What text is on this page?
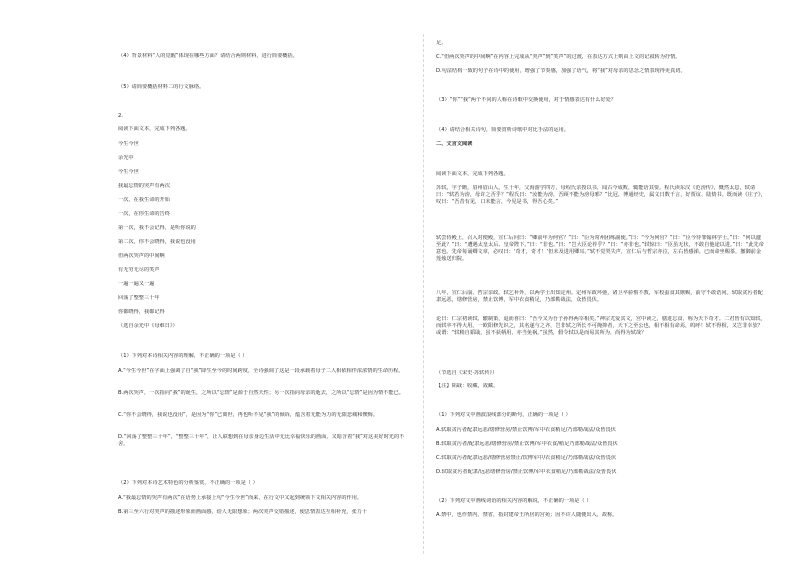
（4）背景材料“人的觉醒”体现在哪些方面？请结合两则材料，进行简要概括。
（5）请简要概括材料二的行文脉络。
2.
阅读下面文本，完成下列各题。
今生今世
余光中
今生今世
我最忘情的哭声有两次
一次，在我生命的开始
一次，在你生命的告终
第一次，我不会记得，是听你说的
第二次，你不会晓得，我说也没用
但两次哭声的中间啊
有无穷无尽的笑声
一遍一遍又一遍
回荡了整整三十年
你都晓得，我都记得
（选自余光中《母难日》）
（1）下列对本诗相关内容的理解，不正确的一项是（ ）
A.“今生今世”在字面上强调了自“我”降生至今的时间跨度，全诗强调了这是一段承载着母子二人相依相伴浓浓情的生命历程。
B.两次哭声，一次指向“我”的诞生，之所以“忘情”是源于自然天性；另一次指向母亲的逝去，之所以“忘情”是因为情不能已。
C.“你不会晓得，我说也没用”，是因为“你”已离世，再也听不见“我”的倾诉，蕴含着无能为力的无限悲痛和懊悔。
D.“回荡了整整三十年”，“整整三十年”，让人联想到在母亲身边生活中无比幸福快乐的画面，又暗含着“我”对这美好时光的不舍。
（2）下列对本诗艺术特色的分析鉴赏，不正确的一项是（ ）
A.“我最忘情的哭声有两次”在语势上承接上句“今生今世”而来，在行文中又起到统领下文相关内容的作用。
B.第三至六行对哭声的描述形象而画面感，给人无限想象；两次哭声交错描述，使思情表达互相补充，张力十
足。
C.“但两次哭声的中间啊”在内容上完成从“哭声”到“笑声”的过渡，在表达方式上则由上文的记叙转为抒情。
D.句法结构一致的句子在诗中的使用，增强了节奏感，加强了语气，将“我”对母亲的思念之情表现得更真切。
（3）“你”“我”两个不同的人称在诗歌中交换使用，对于情感表达有什么好处？
（4）请结合相关诗句，简要赏析诗歌中对比手法的运用。
二、文言文阅读
阅读下面文本，完成下列各题。
苏轼，字子瞻，眉州眉山人。生十年，父洵游学四方，母程氏亲授以书，闻古今成败，辄能语其要。程氏读东汉《范滂传》，慨然太息，轼请曰：“轼若为滂，母许之否乎？”程氏曰：“汝能为滂，吾顾不能为滂母邪？”比冠，博通经史，属文日数千言，好贾谊、陆贽书。既而读《庄子》，叹曰：“吾昔有见，口未能言，今见是书，得吾心矣。”
轼尝侍殿上，召入对便殿，宣仁后问曰：“卿前年为何官？”曰：“臣为常州团练副使。”曰：“今为何官？”曰：“臣今待罪翰林学士。”曰：“何以遽至此？”曰：“遭遇太皇太后、皇帝陛下。”曰：“非也。”曰：“岂大臣论荐乎？”曰：“亦非也。”轼惊曰：“臣虽无状，不敢自他途以进。”曰：“此先帝意也。先帝每诵卿文章，必叹曰：‘奇才，奇才！’但未及进用卿耳。”轼不觉哭失声，宣仁后与哲宗亦泣，左右皆感涕。已而命坐赐茶，撤御前金莲烛送归院。
八年，宣仁后崩，哲宗亲政。轼乞补外，以两学士出知定州。定州军政坏弛，诸卫卒骄惰不教，军校蚕食其廪赐，前守不敢诰问。轼取贪污者配隶远恶，缮修营房，禁止饮博，军中衣食稍足，乃部勒战法，众皆畏伏。
论曰：仁宗初读轼、辙制策，退而喜曰：“吾今又为吾子孙得两宰相矣。”神宗尤爱其文，宫中读之，膳进忘食，称为天下奇才。二君皆有以知轼，而轼卒不得大用。一欧阳修先识之，其名遂与之齐，岂非轼之所长不可掩抑者，天下之至公也，相不相有命焉，呜呼！轼不得相，又岂非幸欤？或谓：“轼稍自韬戢，虽不获柄用，亦当免祸。”虽然，假令轼以是而易其所为，尚得为轼哉？
（节选自《宋史·苏轼传》）
【注】韬戢：收藏，敛藏。
（1）下列对文中画波浪线部分的断句，正确的一项是（ ）
A.轼取贪污者配隶远恶/缮修营房/禁止饮博/军中衣食稍足/乃部勒战法/众皆畏伏
B.轼取贪污者/配隶远恶/缮修营房/禁止饮博/军中衣食/稍足乃部勒战法/众皆畏伏
C.轼取贪污者配隶远恶/缮修营房禁止/饮博军中/衣食稍足/乃部勒战法/众皆畏伏
D.轼取贪污者配隶/远恶缮修营房/禁止饮博/军中衣食稍足/乃部勒战法/众皆畏伏
（2）下列对文中画线词语的相关内容的解说，不正确的一项是（ ）
A.禁中，也作禁内、禁省，指封建帝王所居的宫苑；因不许人随便出入，故称。
